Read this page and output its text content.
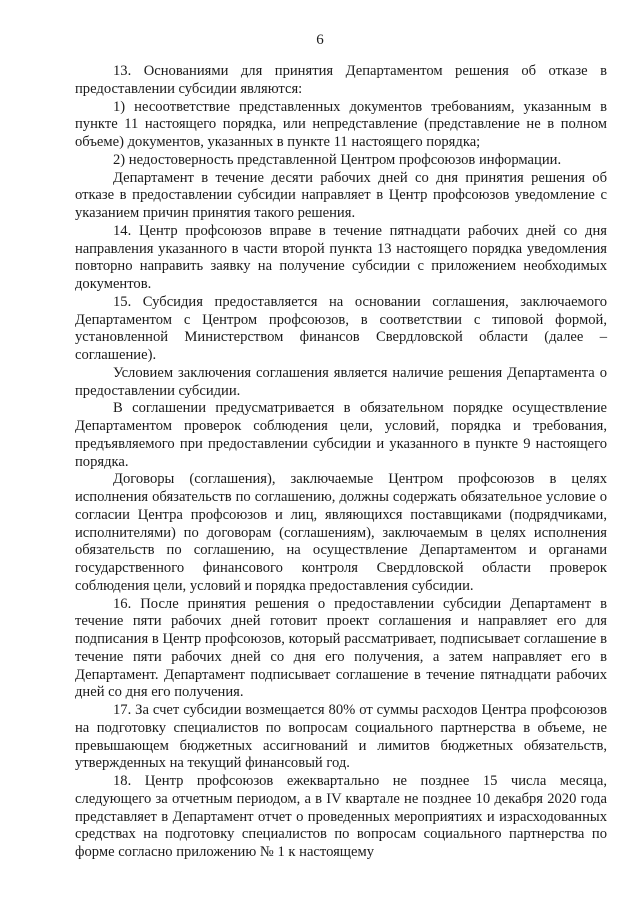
6

13. Основаниями для принятия Департаментом решения об отказе в предоставлении субсидии являются:

1) несоответствие представленных документов требованиям, указанным в пункте 11 настоящего порядка, или непредставление (представление не в полном объеме) документов, указанных в пункте 11 настоящего порядка;

2) недостоверность представленной Центром профсоюзов информации.

Департамент в течение десяти рабочих дней со дня принятия решения об отказе в предоставлении субсидии направляет в Центр профсоюзов уведомление с указанием причин принятия такого решения.

14. Центр профсоюзов вправе в течение пятнадцати рабочих дней со дня направления указанного в части второй пункта 13 настоящего порядка уведомления повторно направить заявку на получение субсидии с приложением необходимых документов.

15. Субсидия предоставляется на основании соглашения, заключаемого Департаментом с Центром профсоюзов, в соответствии с типовой формой, установленной Министерством финансов Свердловской области (далее – соглашение).

Условием заключения соглашения является наличие решения Департамента о предоставлении субсидии.

В соглашении предусматривается в обязательном порядке осуществление Департаментом проверок соблюдения цели, условий, порядка и требования, предъявляемого при предоставлении субсидии и указанного в пункте 9 настоящего порядка.

Договоры (соглашения), заключаемые Центром профсоюзов в целях исполнения обязательств по соглашению, должны содержать обязательное условие о согласии Центра профсоюзов и лиц, являющихся поставщиками (подрядчиками, исполнителями) по договорам (соглашениям), заключаемым в целях исполнения обязательств по соглашению, на осуществление Департаментом и органами государственного финансового контроля Свердловской области проверок соблюдения цели, условий и порядка предоставления субсидии.

16. После принятия решения о предоставлении субсидии Департамент в течение пяти рабочих дней готовит проект соглашения и направляет его для подписания в Центр профсоюзов, который рассматривает, подписывает соглашение в течение пяти рабочих дней со дня его получения, а затем направляет его в Департамент. Департамент подписывает соглашение в течение пятнадцати рабочих дней со дня его получения.

17. За счет субсидии возмещается 80% от суммы расходов Центра профсоюзов на подготовку специалистов по вопросам социального партнерства в объеме, не превышающем бюджетных ассигнований и лимитов бюджетных обязательств, утвержденных на текущий финансовый год.

18. Центр профсоюзов ежеквартально не позднее 15 числа месяца, следующего за отчетным периодом, а в IV квартале не позднее 10 декабря 2020 года представляет в Департамент отчет о проведенных мероприятиях и израсходованных средствах на подготовку специалистов по вопросам социального партнерства по форме согласно приложению № 1 к настоящему
